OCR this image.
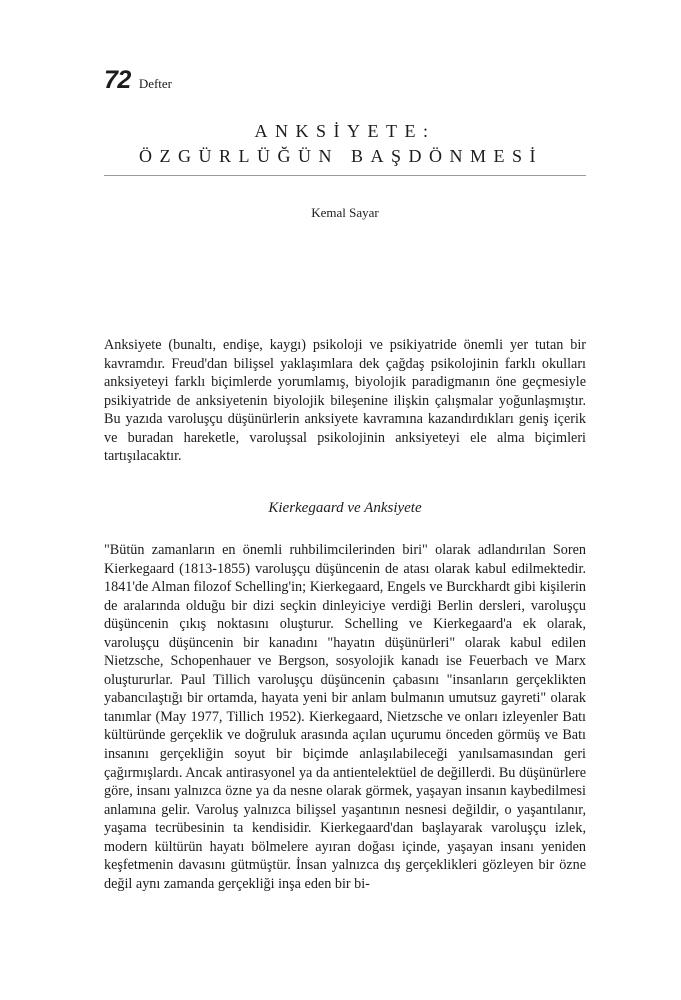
72 Defter
ANKSİYETE:
ÖZGÜRLÜĞÜN BAŞDÖNMESİ
Kemal Sayar

Anksiyete (bunaltı, endişe, kaygı) psikoloji ve psikiyatride önemli yer tutan bir kavramdır. Freud'dan bilişsel yaklaşımlara dek çağdaş psikolojinin farklı okulları anksiyeteyi farklı biçimlerde yorumlamış, biyolojik paradigmanın öne geçmesiyle psikiyatride de anksiyetenin biyolojik bileşenine ilişkin çalışmalar yoğunlaşmıştır. Bu yazıda varoluşçu düşünürlerin anksiyete kavramına kazandırdıkları geniş içerik ve buradan hareketle, varoluşsal psikolojinin anksiyeteyi ele alma biçimleri tartışılacaktır.

Kierkegaard ve Anksiyete

"Bütün zamanların en önemli ruhbilimcilerinden biri" olarak adlandırılan Soren Kierkegaard (1813-1855) varoluşçu düşüncenin de atası olarak kabul edilmektedir. 1841'de Alman filozof Schelling'in; Kierkegaard, Engels ve Burckhardt gibi kişilerin de aralarında olduğu bir dizi seçkin dinleyiciye verdiği Berlin dersleri, varoluşçu düşüncenin çıkış noktasını oluşturur. Schelling ve Kierkegaard'a ek olarak, varoluşçu düşüncenin bir kanadını "hayatın düşünürleri" olarak kabul edilen Nietzsche, Schopenhauer ve Bergson, sosyolojik kanadı ise Feuerbach ve Marx oluştururlar. Paul Tillich varoluşçu düşüncenin çabasını "insanların gerçeklikten yabancılaştığı bir ortamda, hayata yeni bir anlam bulmanın umutsuz gayreti" olarak tanımlar (May 1977, Tillich 1952). Kierkegaard, Nietzsche ve onları izleyenler Batı kültüründe gerçeklik ve doğruluk arasında açılan uçurumu önceden görmüş ve Batı insanını gerçekliğin soyut bir biçimde anlaşılabileceği yanılsamasından geri çağırmışlardı. Ancak antirasyonel ya da antientelektüel de değillerdi. Bu düşünürlere göre, insanı yalnızca özne ya da nesne olarak görmek, yaşayan insanın kaybedilmesi anlamına gelir. Varoluş yalnızca bilişsel yaşantının nesnesi değildir, o yaşantılanır, yaşama tecrübesinin ta kendisidir. Kierkegaard'dan başlayarak varoluşçu izlek, modern kültürün hayatı bölmelere ayıran doğası içinde, yaşayan insanı yeniden keşfetmenin davasını gütmüştür. İnsan yalnızca dış gerçeklikleri gözleyen bir özne değil aynı zamanda gerçekliği inşa eden bir bi-
